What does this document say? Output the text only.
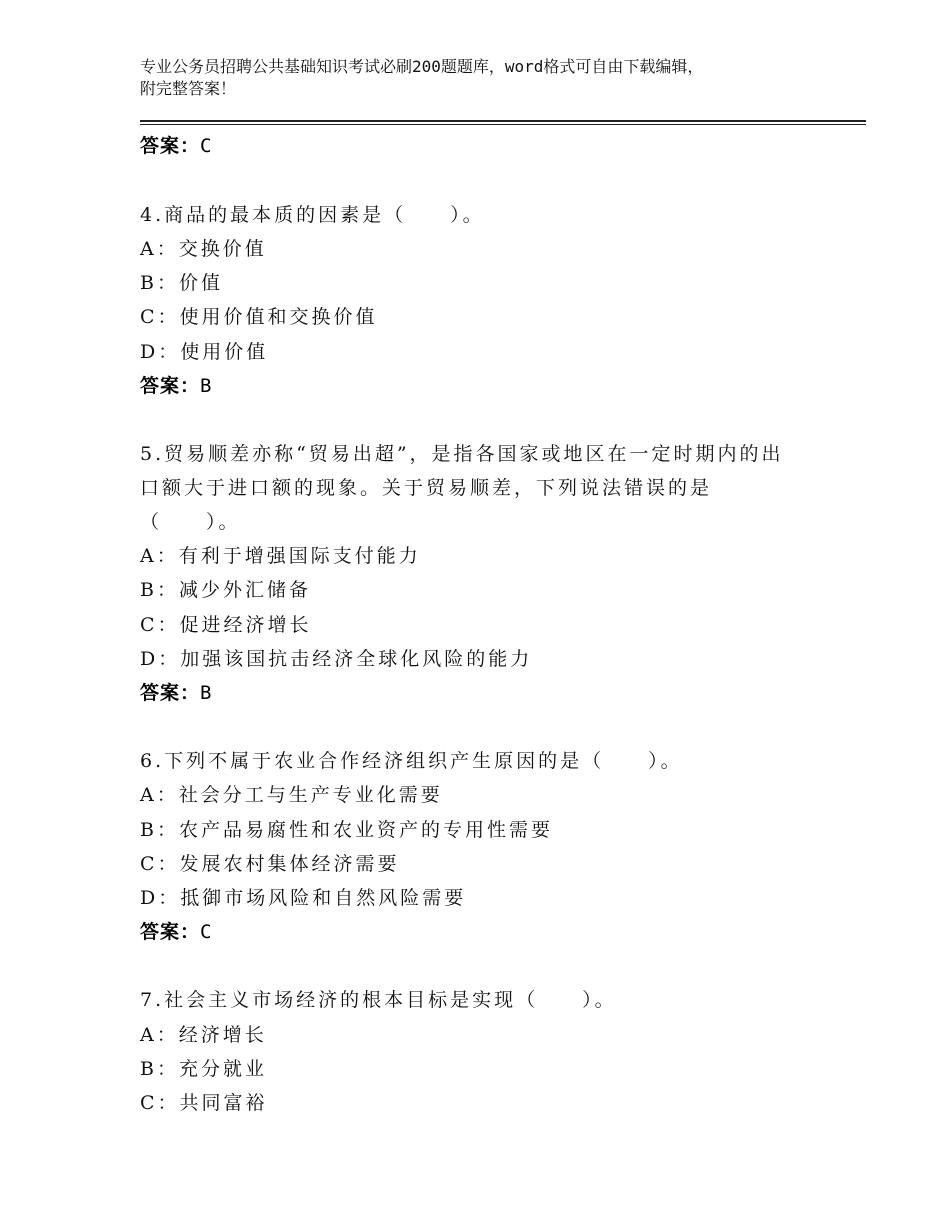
专业公务员招聘公共基础知识考试必刷200题题库，word格式可自由下载编辑，
附完整答案！
答案：C
4.商品的最本质的因素是（　　）。
A：交换价值
B：价值
C：使用价值和交换价值
D：使用价值
答案：B
5.贸易顺差亦称“贸易出超”，是指各国家或地区在一定时期内的出
口额大于进口额的现象。关于贸易顺差，下列说法错误的是
（　　）。
A：有利于增强国际支付能力
B：减少外汇储备
C：促进经济增长
D：加强该国抗击经济全球化风险的能力
答案：B
6.下列不属于农业合作经济组织产生原因的是（　　）。
A：社会分工与生产专业化需要
B：农产品易腐性和农业资产的专用性需要
C：发展农村集体经济需要
D：抵御市场风险和自然风险需要
答案：C
7.社会主义市场经济的根本目标是实现（　　）。
A：经济增长
B：充分就业
C：共同富裕
